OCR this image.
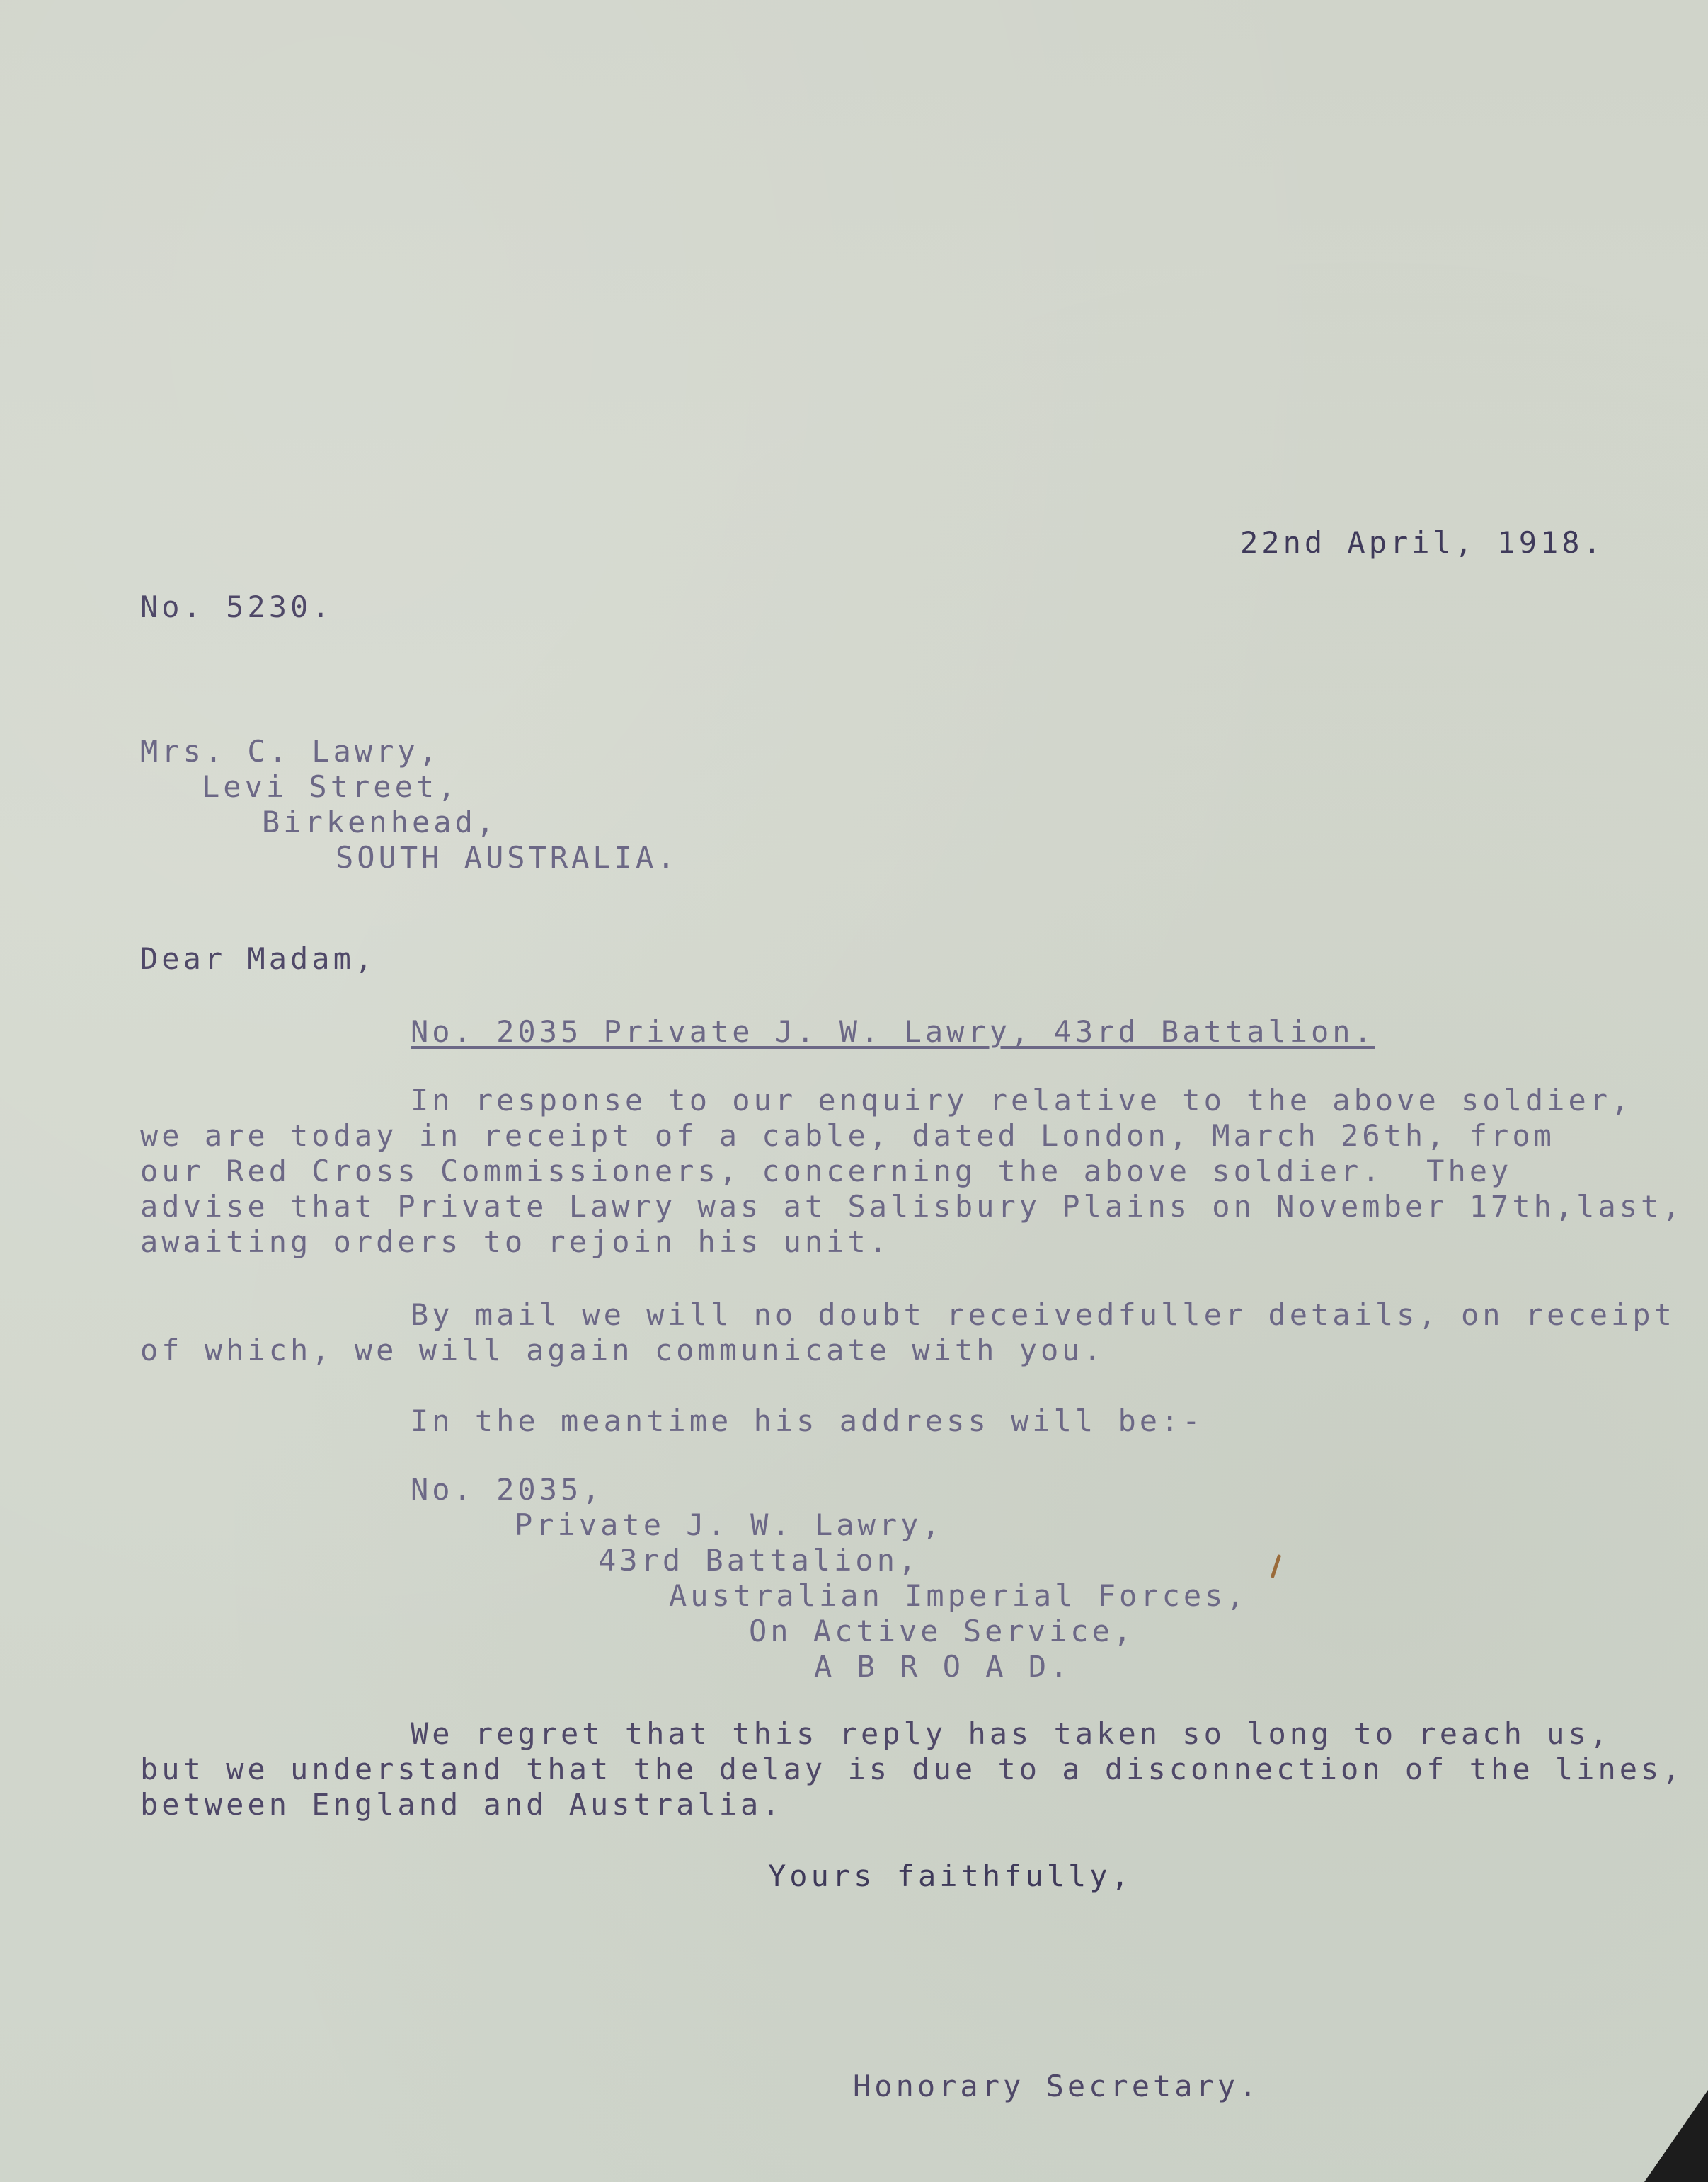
22nd April, 1918.
No. 5230.
Mrs. C. Lawry,
Levi Street,
Birkenhead,
SOUTH AUSTRALIA.
Dear Madam,
No. 2035 Private J. W. Lawry, 43rd Battalion.
In response to our enquiry relative to the above soldier,
we are today in receipt of a cable, dated London, March 26th, from
our Red Cross Commissioners, concerning the above soldier.  They
advise that Private Lawry was at Salisbury Plains on November 17th,last,
awaiting orders to rejoin his unit.
By mail we will no doubt receivedfuller details, on receipt
of which, we will again communicate with you.
In the meantime his address will be:-
No. 2035,
Private J. W. Lawry,
43rd Battalion,
Australian Imperial Forces,
On Active Service,
A B R O A D.
We regret that this reply has taken so long to reach us,
but we understand that the delay is due to a disconnection of the lines,
between England and Australia.
Yours faithfully,
Honorary Secretary.
